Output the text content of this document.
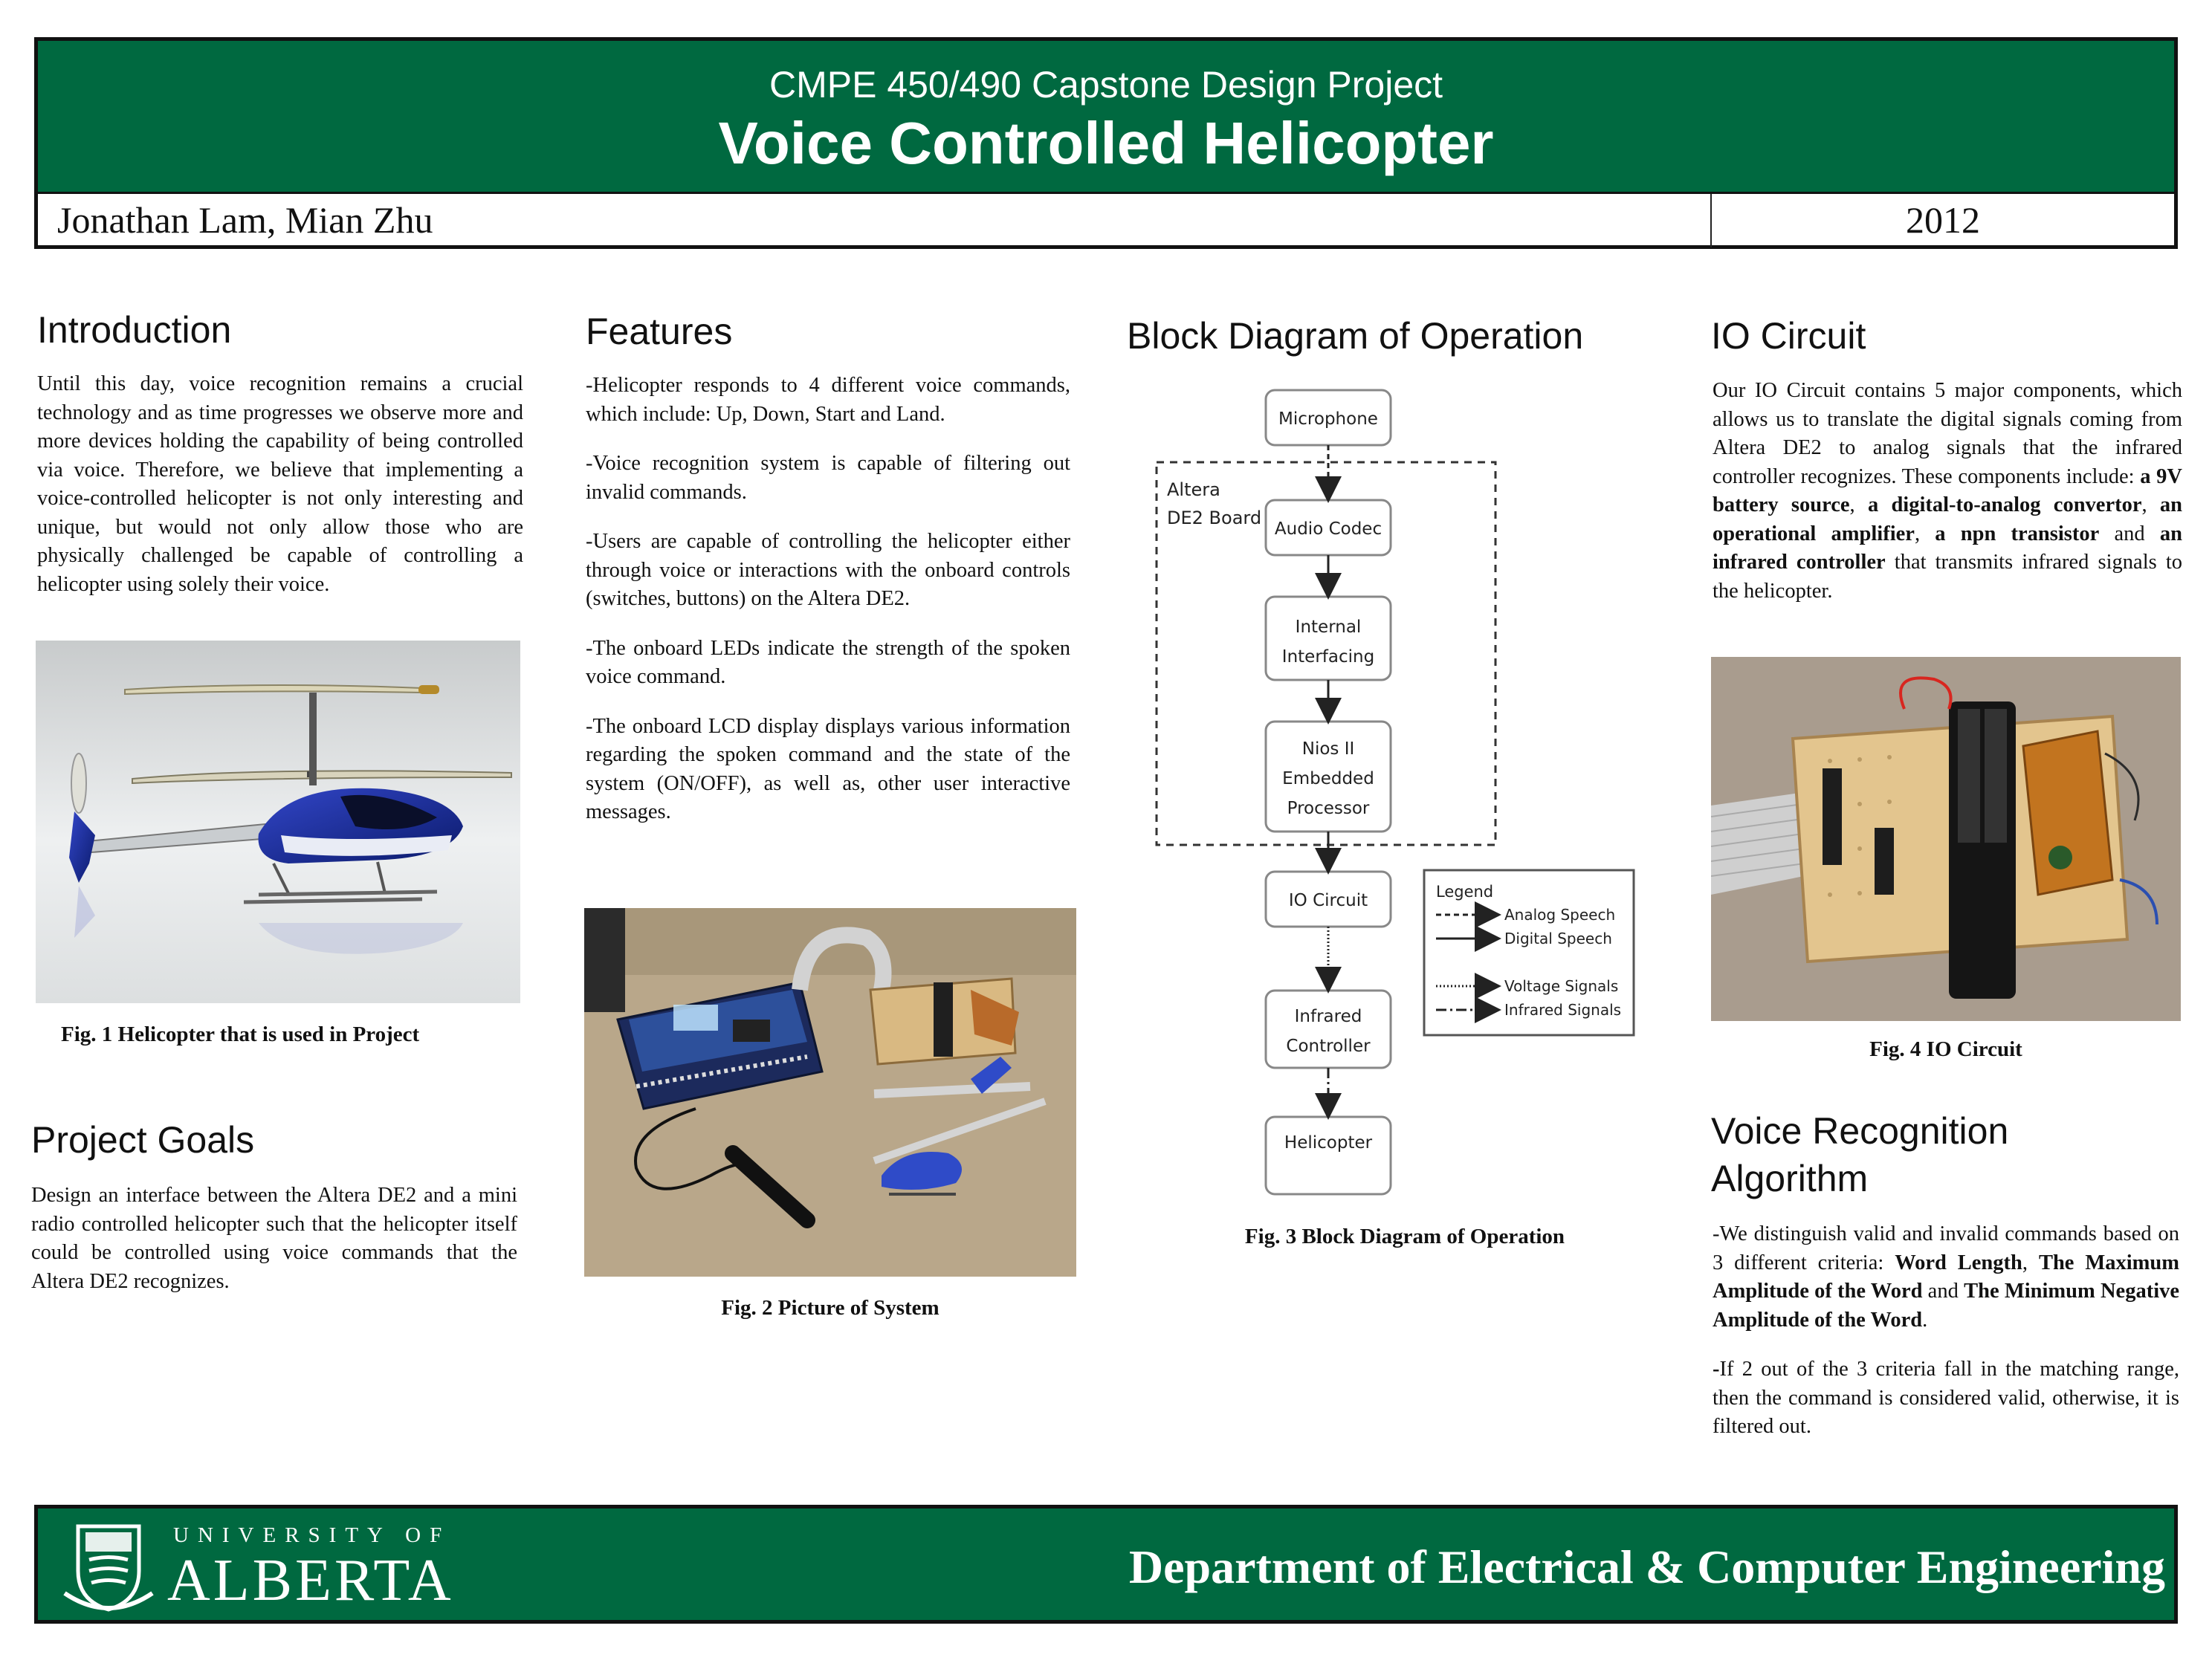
CMPE 450/490 Capstone Design Project
Voice Controlled Helicopter
Jonathan Lam, Mian Zhu	2012
Introduction
Until this day, voice recognition remains a crucial technology and as time progresses we observe more and more devices holding the capability of being controlled via voice. Therefore, we believe that implementing a voice-controlled helicopter is not only interesting and unique, but would not only allow those who are physically challenged be capable of controlling a helicopter using solely their voice.
Fig. 1 Helicopter that is used in Project
Project Goals
Design an interface between the Altera DE2 and a mini radio controlled helicopter such that the helicopter itself could be controlled using voice commands that the Altera DE2 recognizes.
Features

-Helicopter responds to 4 different voice commands, which include: Up, Down, Start and Land.

-Voice recognition system is capable of filtering out invalid commands.

-Users are capable of controlling the helicopter either through voice or interactions with the onboard controls (switches, buttons) on the Altera DE2.

-The onboard LEDs indicate the strength of the spoken voice command.

-The onboard LCD display displays various information regarding the spoken command and the state of the system (ON/OFF), as well as, other user interactive messages.

Fig. 2 Picture of System
Block Diagram of Operation
Altera
DE2 Board
Microphone
Audio Codec
Internal
Interfacing
Nios II
Embedded
Processor
IO Circuit
Infrared
Controller
Helicopter
Legend
Analog Speech
Digital Speech
Voltage Signals
Infrared Signals
Fig. 3 Block Diagram of Operation
IO Circuit
Our IO Circuit contains 5 major components, which allows us to translate the digital signals coming from Altera DE2 to analog signals that the infrared controller recognizes. These components include: a 9V battery source, a digital-to-analog convertor, an operational amplifier, a npn transistor and an infrared controller that transmits infrared signals to the helicopter.
Fig. 4 IO Circuit
Voice Recognition
Algorithm

-We distinguish valid and invalid commands based on 3 different criteria: Word Length, The Maximum Amplitude of the Word and The Minimum Negative Amplitude of the Word.

-If 2 out of the 3 criteria fall in the matching range, then the command is considered valid, otherwise, it is filtered out.

UNIVERSITY OF
ALBERTA	Department of Electrical & Computer Engineering
